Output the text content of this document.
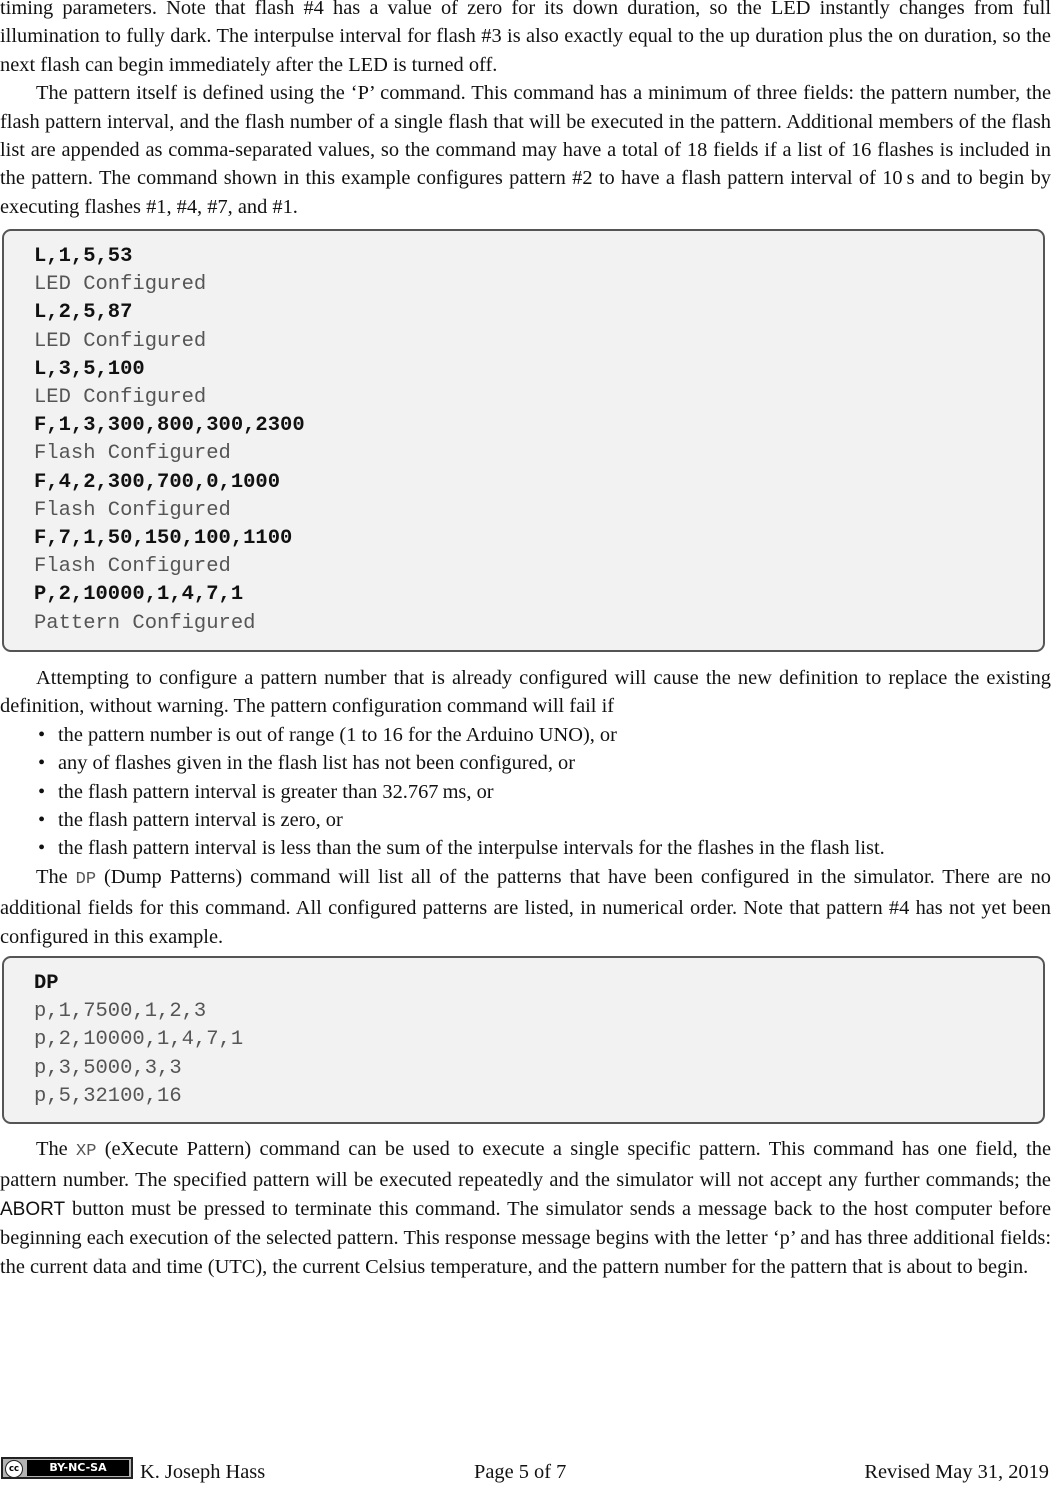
timing parameters. Note that flash #4 has a value of zero for its down duration, so the LED instantly changes from full illumination to fully dark. The interpulse interval for flash #3 is also exactly equal to the up duration plus the on duration, so the next flash can begin immediately after the LED is turned off.

The pattern itself is defined using the ‘P’ command. This command has a minimum of three fields: the pattern number, the flash pattern interval, and the flash number of a single flash that will be executed in the pattern. Additional members of the flash list are appended as comma-separated values, so the command may have a total of 18 fields if a list of 16 flashes is included in the pattern. The command shown in this example configures pattern #2 to have a flash pattern interval of 10 s and to begin by executing flashes #1, #4, #7, and #1.

L,1,5,53
LED Configured
L,2,5,87
LED Configured
L,3,5,100
LED Configured
F,1,3,300,800,300,2300
Flash Configured
F,4,2,300,700,0,1000
Flash Configured
F,7,1,50,150,100,1100
Flash Configured
P,2,10000,1,4,7,1
Pattern Configured

Attempting to configure a pattern number that is already configured will cause the new definition to replace the existing definition, without warning. The pattern configuration command will fail if

• the pattern number is out of range (1 to 16 for the Arduino UNO), or
• any of flashes given in the flash list has not been configured, or
• the flash pattern interval is greater than 32.767 ms, or
• the flash pattern interval is zero, or
• the flash pattern interval is less than the sum of the interpulse intervals for the flashes in the flash list.

The DP (Dump Patterns) command will list all of the patterns that have been configured in the simulator. There are no additional fields for this command. All configured patterns are listed, in numerical order. Note that pattern #4 has not yet been configured in this example.

DP
p,1,7500,1,2,3
p,2,10000,1,4,7,1
p,3,5000,3,3
p,5,32100,16

The XP (eXecute Pattern) command can be used to execute a single specific pattern. This command has one field, the pattern number. The specified pattern will be executed repeatedly and the simulator will not accept any further commands; the ABORT button must be pressed to terminate this command. The simulator sends a message back to the host computer before beginning each execution of the selected pattern. This response message begins with the letter ‘p’ and has three additional fields: the current data and time (UTC), the current Celsius temperature, and the pattern number for the pattern that is about to begin.

cc	BY-NC-SA	K. Joseph Hass	Page 5 of 7	Revised May 31, 2019
